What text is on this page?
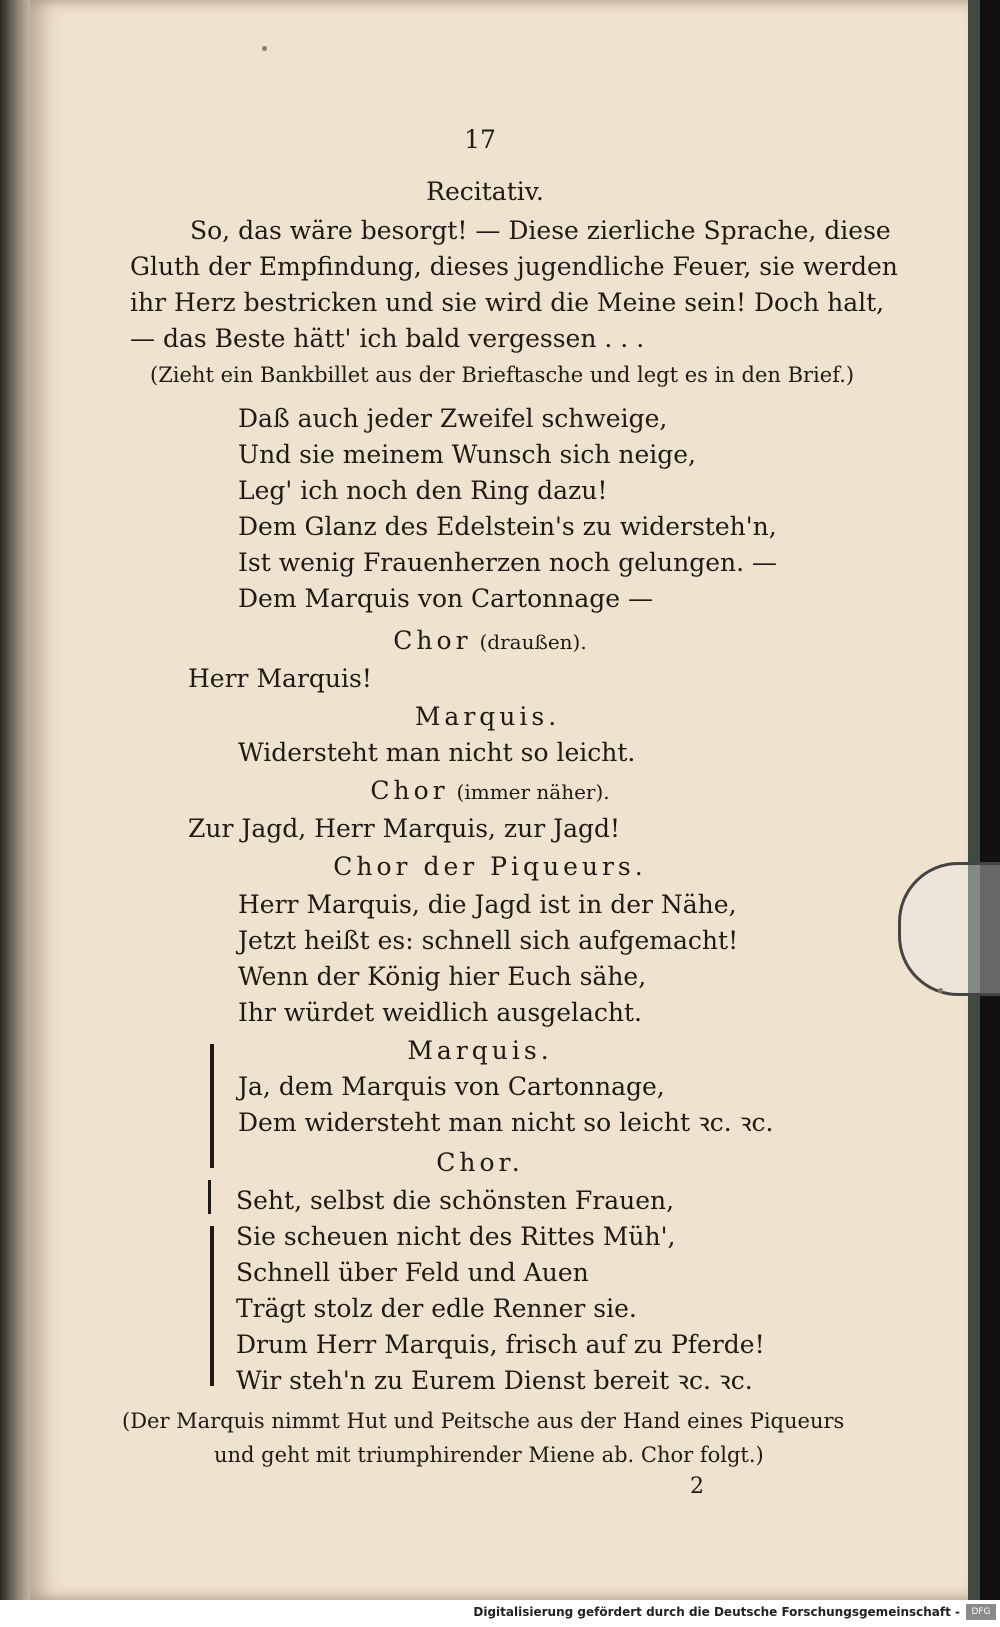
17
Recitativ.
So, das wäre besorgt! — Diese zierliche Sprache, diese
Gluth der Empfindung, dieses jugendliche Feuer, sie werden
ihr Herz bestricken und sie wird die Meine sein! Doch halt,
— das Beste hätt' ich bald vergessen . . .
(Zieht ein Bankbillet aus der Brieftasche und legt es in den Brief.)
Daß auch jeder Zweifel schweige,
Und sie meinem Wunsch sich neige,
Leg' ich noch den Ring dazu!
Dem Glanz des Edelstein's zu widersteh'n,
Ist wenig Frauenherzen noch gelungen. —
Dem Marquis von Cartonnage —
Chor (draußen).
Herr Marquis!
Marquis.
Widersteht man nicht so leicht.
Chor (immer näher).
Zur Jagd, Herr Marquis, zur Jagd!
Chor der Piqueurs.
Herr Marquis, die Jagd ist in der Nähe,
Jetzt heißt es: schnell sich aufgemacht!
Wenn der König hier Euch sähe,
Ihr würdet weidlich ausgelacht.
Marquis.
Ja, dem Marquis von Cartonnage,
Dem widersteht man nicht so leicht ꝛc. ꝛc.
Chor.
Seht, selbst die schönsten Frauen,
Sie scheuen nicht des Rittes Müh',
Schnell über Feld und Auen
Trägt stolz der edle Renner sie.
Drum Herr Marquis, frisch auf zu Pferde!
Wir steh'n zu Eurem Dienst bereit ꝛc. ꝛc.
(Der Marquis nimmt Hut und Peitsche aus der Hand eines Piqueurs
und geht mit triumphirender Miene ab. Chor folgt.)
2
Digitalisierung gefördert durch die Deutsche Forschungsgemeinschaft -	DFG
